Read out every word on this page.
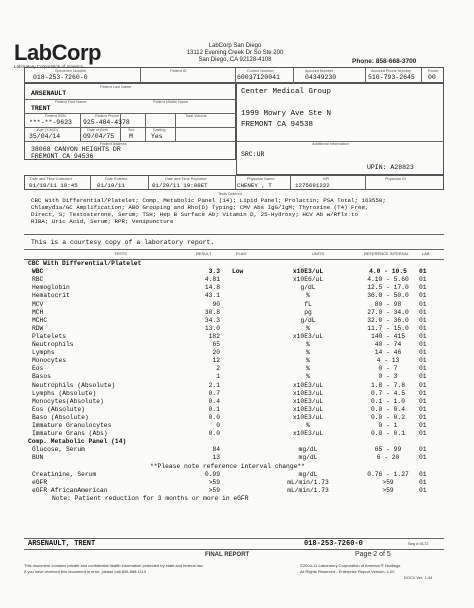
LabCorp
Laboratory Corporation of America
LabCorp San Diego
13112 Evening Creek Dr So Ste 200
San Diego, CA 92128-4108	Phone: 858-668-3700
Specimen Number
018-253-7260-0
Patient ID	Control Number
60037120041
Account Number
04349230
Account Phone Number
510-793-2645
Route
00
Patient Last Name
ARSENAULT
Patient First Name	Patient Middle Name
TRENT
Patient SSN
***-**-9623
Patient Phone
925-484-4378
Total Volume
Age (Y/M/D)
35/04/14
Date of Birth
09/04/75
Sex
M
Fasting
Yes
Patient Address
38068 CANYON HEIGHTS DR
FREMONT CA 94536
Center Medical Group
1999 Mowry Ave Ste N
FREMONT CA 94538
Additional Information
SRC:UR
UPIN: A28823
Date and Time Collected
01/18/11 10:45
Date Entered
01/19/11
Date and Time Reported
01/20/11 19:08ET
Physician Name
CHENEY , T
NPI
1275691222
Physician ID
Tests Ordered
CBC With Differential/Platelet; Comp. Metabolic Panel (14); Lipid Panel; Prolactin; PSA Total; 163550;
Chlamydia/GC Amplification; ABO Grouping and Rho(D) Typing; CMV Abs IgG/IgM; Thyroxine (T4) Free,
Direct, S; Testosterone, Serum; TSH; Hep B Surface Ab; Vitamin D, 25-Hydroxy; HCV Ab w/Rflx to
RIBA; Uric Acid, Serum; RPR; Venipuncture
This is a courtesy copy of a laboratory report.
TESTS	RESULT	FLAG	UNITS	REFERENCE INTERVAL	LAB
CBC With Differential/Platelet
WBC	3.3 Low	x10E3/uL	4.0 - 10.5	01
RBC	4.81	x10E6/uL	4.10 - 5.60	01
Hemoglobin	14.8	g/dL	12.5 - 17.0	01
Hematocrit	43.1	%	36.0 - 50.0	01
MCV	90	fL	80 - 98	01
MCH	30.8	pg	27.0 - 34.0	01
MCHC	34.3	g/dL	32.0 - 36.0	01
RDW	13.0	%	11.7 - 15.0	01
Platelets	182	x10E3/uL	140 - 415	01
Neutrophils	65	%	40 - 74	01
Lymphs	20	%	14 - 46	01
Monocytes	12	%	4 - 13	01
Eos	2	%	0 - 7	01
Basos	1	%	0 - 3	01
Neutrophils (Absolute)	2.1	x10E3/uL	1.8 - 7.8	01
Lymphs (Absolute)	0.7	x10E3/uL	0.7 - 4.5	01
Monocytes(Absolute)	0.4	x10E3/uL	0.1 - 1.0	01
Eos (Absolute)	0.1	x10E3/uL	0.0 - 0.4	01
Baso (Absolute)	0.0	x10E3/uL	0.0 - 0.2	01
Immature Granulocytes	0	%	0 - 1	01
Immature Grans (Abs)	0.0	x10E3/uL	0.0 - 0.1	01
Comp. Metabolic Panel (14)
Glucose, Serum	84	mg/dL	65 - 99	01
BUN	13	mg/dL	6 - 20	01
**Please note reference interval change**
Creatinine, Serum	0.99	mg/dL	0.76 - 1.27	01
eGFR	>59	mL/min/1.73	>59	01
eGFR AfricanAmerican	>59	mL/min/1.73	>59	01
Note: Patient reduction for 3 months or more in eGFR
ARSENAULT, TRENT	018-253-7260-0	Seq # 0172
FINAL REPORT	Page 2 of 5
This document contains private and confidential health information protected by state and federal law.
If you have received this document in error, please call 800-888-1113
©2004-11 Laboratory Corporation of America ® Holdings
All Rights Reserved - Enterprise Report Version: 1.00
DOC1 Ver: 1.44
